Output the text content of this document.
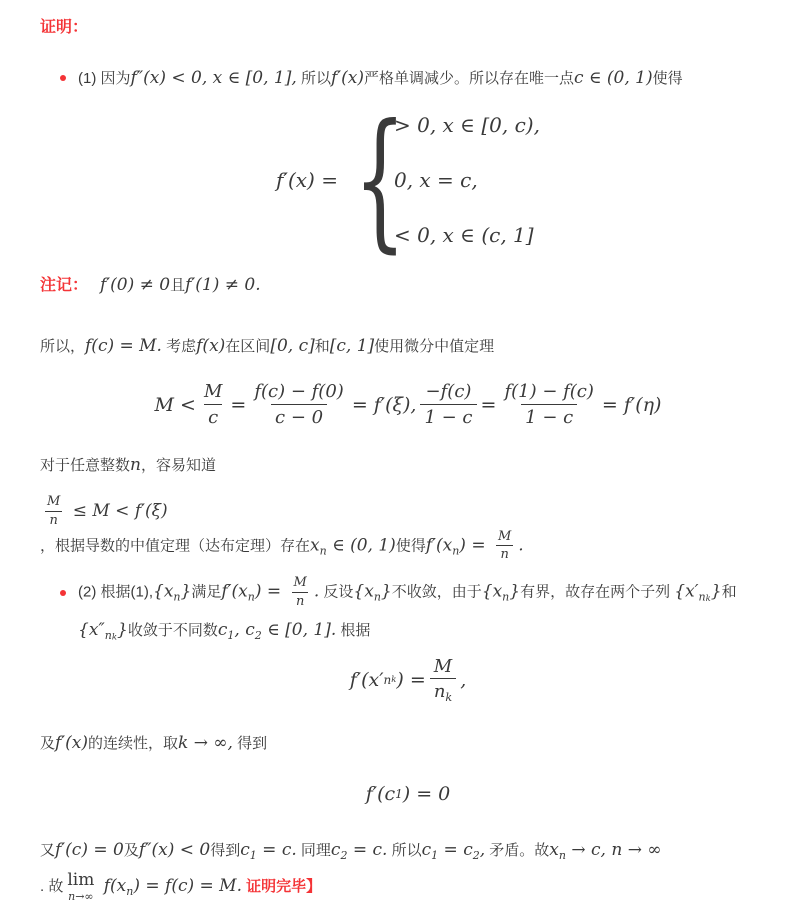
证明：
(1) 因为f″(x) < 0, x ∈ [0, 1], 所以f′(x)严格单调减少。所以存在唯一点c ∈ (0, 1)使得
f′(x) = {
> 0, x ∈ [0, c),
0, x = c,
< 0, x ∈ (c, 1]
注记： f′(0) ≠ 0且f′(1) ≠ 0.
所以，f(c) = M. 考虑f(x)在区间[0, c]和[c, 1]使用微分中值定理
$M < \frac{M}{c} = \frac{f(c) - f(0)}{c - 0} = f'(\xi)$, $\frac{-f(c)}{1 - c} = \frac{f(1) - f(c)}{1 - c} = f'(\eta)$
对于任意整数n，容易知道
$\frac{M}{n} \le M < f'(\xi)$
，根据导数的中值定理（达布定理）存在$x_n$ ∈ (0, 1)使得$f'(x_n) = \frac{M}{n}$ .
(2) 根据$(1),\{x_n\}$满足$f'(x_n) = \frac{M}{n}$ . 反设$\{x_n\}$不收敛，由于$\{x_n\}$有界，故存在两个子列 $\{x'_{nk}\}$和$\{x''_{nk}\}$收敛于不同数$c_1$, $c_2$ ∈ [0, 1]. 根据
f′(x′ n k ) = $\frac{M}{n_k}$ ,
及f′(x)的连续性，取k → ∞, 得到
f′(c 1 ) = 0
又f′(c) = 0及f″(x) < 0得到$c_1 = c$. 同理$c_2 = c$. 所以$c_1 = c_2$, 矛盾。故$x_n \to c$, n → ∞
. 故 lim
n→∞
$f(x_n) = f(c) = M$. 证明完毕】
